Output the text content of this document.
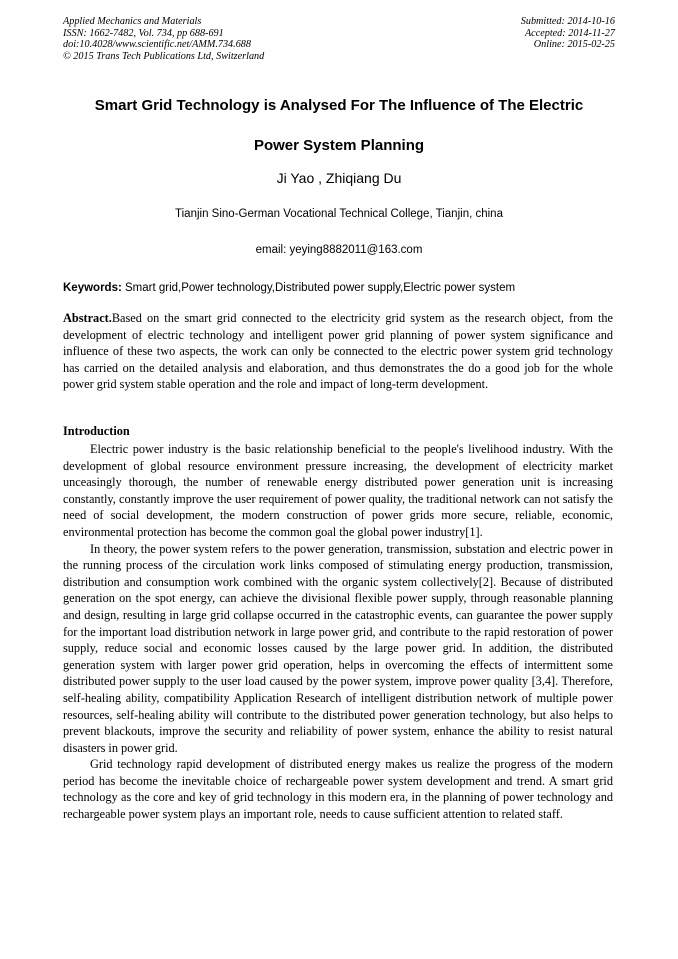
Applied Mechanics and Materials
ISSN: 1662-7482, Vol. 734, pp 688-691
doi:10.4028/www.scientific.net/AMM.734.688
© 2015 Trans Tech Publications Ltd, Switzerland
Submitted: 2014-10-16
Accepted: 2014-11-27
Online: 2015-02-25
Smart Grid Technology is Analysed For The Influence of The Electric
Power System Planning
Ji Yao , Zhiqiang Du
Tianjin Sino-German Vocational Technical College, Tianjin, china
email: yeying8882011@163.com
Keywords: Smart grid,Power technology,Distributed power supply,Electric power system
Abstract.Based on the smart grid connected to the electricity grid system as the research object, from the development of electric technology and intelligent power grid planning of power system significance and influence of these two aspects, the work can only be connected to the electric power system grid technology has carried on the detailed analysis and elaboration, and thus demonstrates the do a good job for the whole power grid system stable operation and the role and impact of long-term development.
Introduction

Electric power industry is the basic relationship beneficial to the people's livelihood industry. With the development of global resource environment pressure increasing, the development of electricity market unceasingly thorough, the number of renewable energy distributed power generation unit is increasing constantly, constantly improve the user requirement of power quality, the traditional network can not satisfy the need of social development, the modern construction of power grids more secure, reliable, economic, environmental protection has become the common goal the global power industry[1].

In theory, the power system refers to the power generation, transmission, substation and electric power in the running process of the circulation work links composed of stimulating energy production, transmission, distribution and consumption work combined with the organic system collectively[2]. Because of distributed generation on the spot energy, can achieve the divisional flexible power supply, through reasonable planning and design, resulting in large grid collapse occurred in the catastrophic events, can guarantee the power supply for the important load distribution network in large power grid, and contribute to the rapid restoration of power supply, reduce social and economic losses caused by the large power grid. In addition, the distributed generation system with larger power grid operation, helps in overcoming the effects of intermittent some distributed power supply to the user load caused by the power system, improve power quality [3,4]. Therefore, self-healing ability, compatibility Application Research of intelligent distribution network of multiple power resources, self-healing ability will contribute to the distributed power generation technology, but also helps to prevent blackouts, improve the security and reliability of power system, enhance the ability to resist natural disasters in power grid.

Grid technology rapid development of distributed energy makes us realize the progress of the modern period has become the inevitable choice of rechargeable power system development and trend. A smart grid technology as the core and key of grid technology in this modern era, in the planning of power technology and rechargeable power system plays an important role, needs to cause sufficient attention to related staff.
